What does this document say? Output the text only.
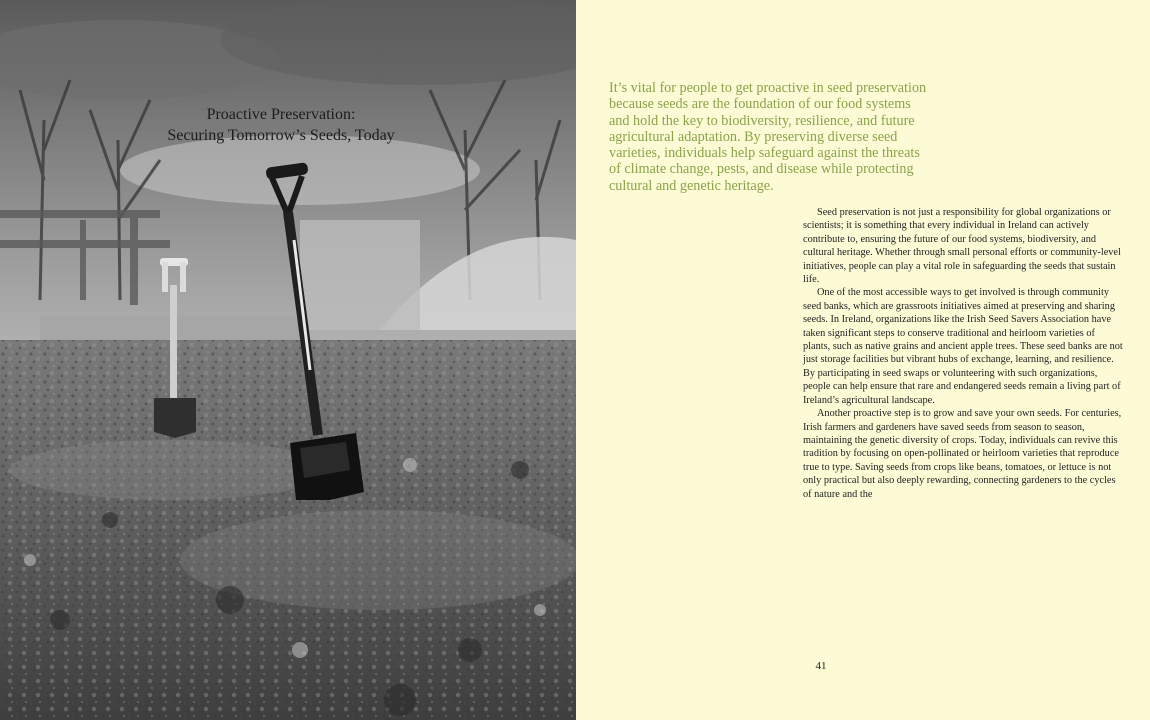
Proactive Preservation:
Securing Tomorrow’s Seeds, Today

It’s vital for people to get proactive in seed preservation because seeds are the foundation of our food systems and hold the key to biodiversity, resilience, and future agricultural adaptation. By preserving diverse seed varieties, individuals help safeguard against the threats of climate change, pests, and disease while protecting cultural and genetic heritage.

Seed preservation is not just a responsibility for global organizations or scientists; it is something that every individual in Ireland can actively contribute to, ensuring the future of our food systems, biodiversity, and cultural heritage. Whether through small personal efforts or community-level initiatives, people can play a vital role in safeguarding the seeds that sustain life.

One of the most accessible ways to get involved is through community seed banks, which are grassroots initiatives aimed at preserving and sharing seeds. In Ireland, organizations like the Irish Seed Savers Association have taken significant steps to conserve traditional and heirloom varieties of plants, such as native grains and ancient apple trees. These seed banks are not just storage facilities but vibrant hubs of exchange, learning, and resilience. By participating in seed swaps or volunteering with such organizations, people can help ensure that rare and endangered seeds remain a living part of Ireland’s agricultural landscape.

Another proactive step is to grow and save your own seeds. For centuries, Irish farmers and gardeners have saved seeds from season to season, maintaining the genetic diversity of crops. Today, individuals can revive this tradition by focusing on open-pollinated or heirloom varieties that reproduce true to type. Saving seeds from crops like beans, tomatoes, or lettuce is not only practical but also deeply rewarding, connecting gardeners to the cycles of nature and the

41
